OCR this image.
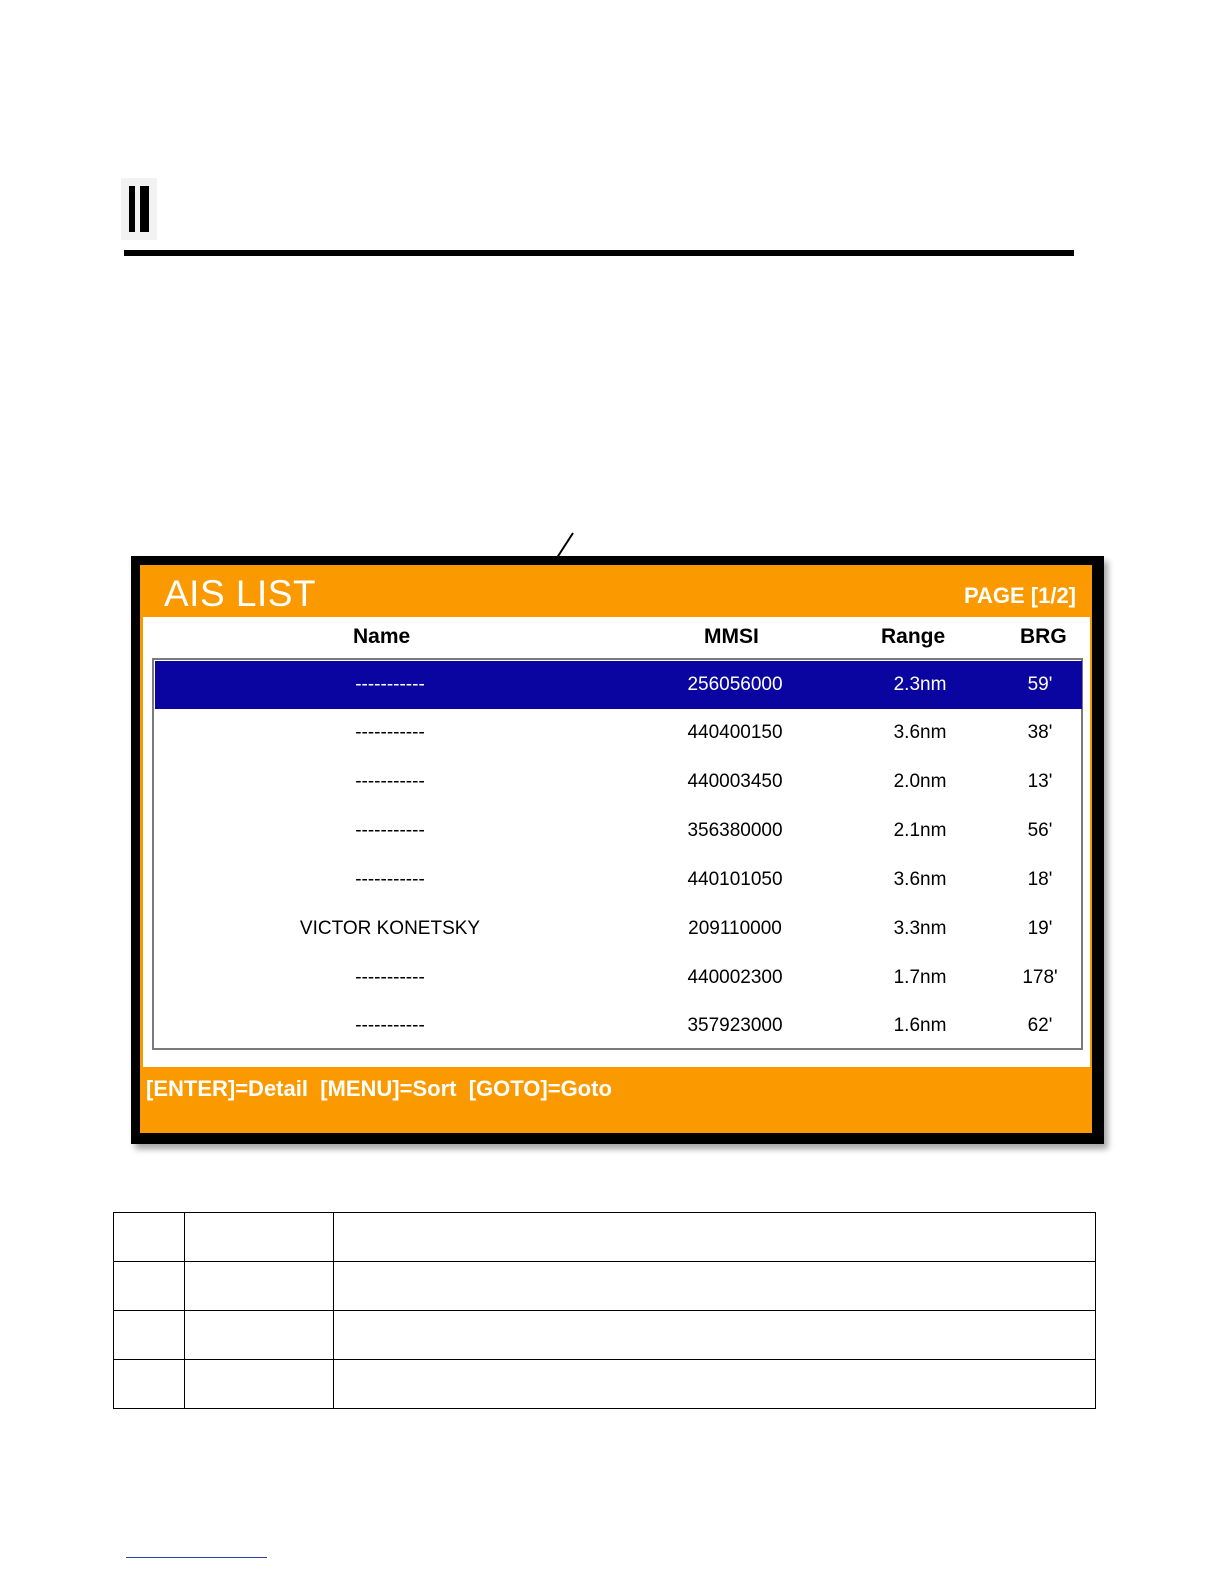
AIS LIST	PAGE [1/2]
Name	MMSI	Range	BRG
-----------	256056000	2.3nm	59'
-----------	440400150	3.6nm	38'
-----------	440003450	2.0nm	13'
-----------	356380000	2.1nm	56'
-----------	440101050	3.6nm	18'
VICTOR KONETSKY	209110000	3.3nm	19'
-----------	440002300	1.7nm	178'
-----------	357923000	1.6nm	62'
[ENTER]=Detail  [MENU]=Sort  [GOTO]=Goto
